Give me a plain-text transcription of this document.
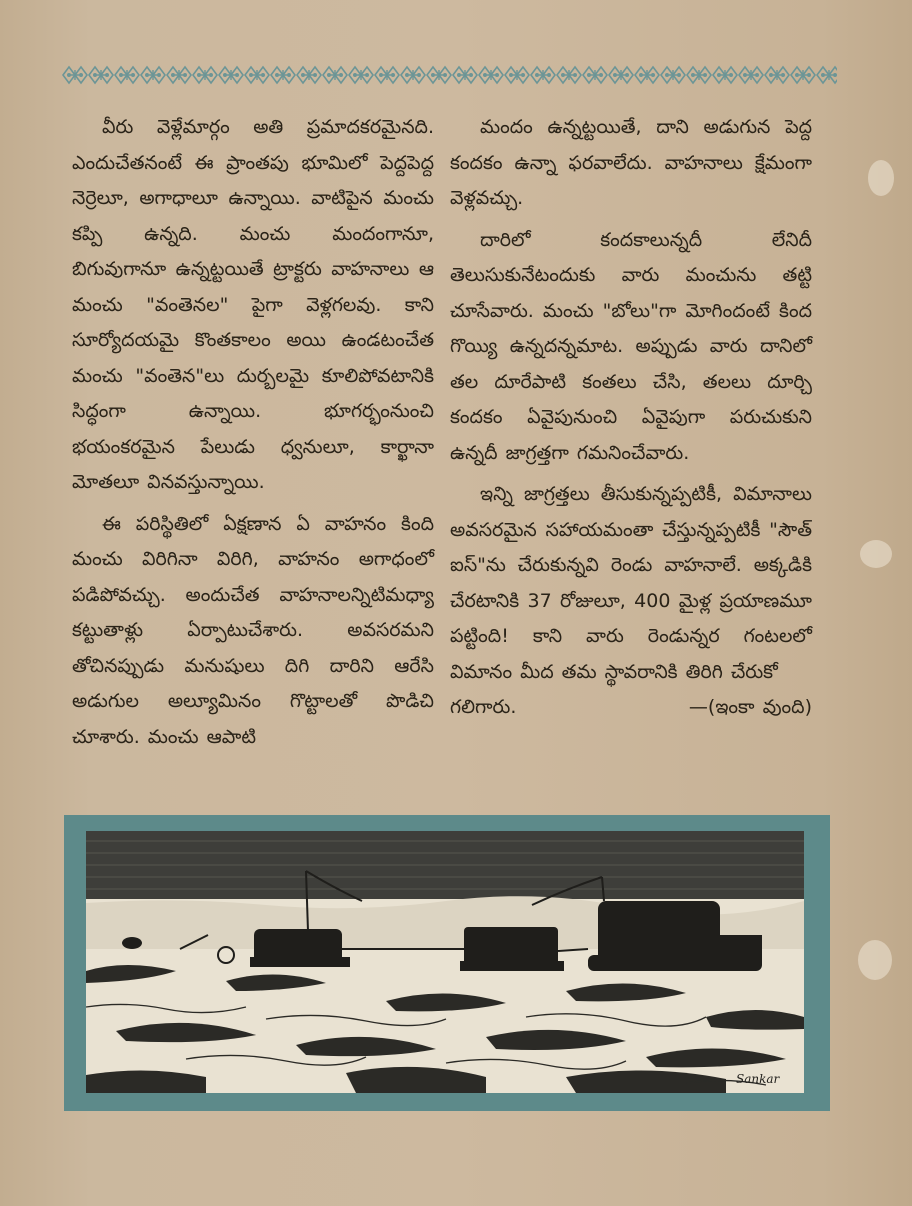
వీరు వెళ్లేమార్గం అతి ప్రమాదకరమైనది. ఎందుచేతనంటే ఈ ప్రాంతపు భూమిలో పెద్దపెద్ద నెర్రెలూ, అగాధాలూ ఉన్నాయి. వాటిపైన మంచు కప్పి ఉన్నది. మంచు మందంగానూ, బిగువుగానూ ఉన్నట్టయితే ట్రాక్టరు వాహనాలు ఆ మంచు "వంతెనల" పైగా వెళ్లగలవు. కాని సూర్యోదయమై కొంతకాలం అయి ఉండటంచేత మంచు "వంతెన"లు దుర్బలమై కూలిపోవటానికి సిద్ధంగా ఉన్నాయి. భూగర్భంనుంచి భయంకరమైన పేలుడు ధ్వనులూ, కార్ఖానా మోతలూ వినవస్తున్నాయి.

ఈ పరిస్థితిలో ఏక్షణాన ఏ వాహనం కింది మంచు విరిగినా విరిగి, వాహనం అగాధంలో పడిపోవచ్చు. అందుచేత వాహనాలన్నిటిమధ్యా కట్టుతాళ్లు ఏర్పాటుచేశారు. అవసరమని తోచినప్పుడు మనుషులు దిగి దారిని ఆరేసి అడుగుల అల్యూమినం గొట్టాలతో పొడిచి చూశారు. మంచు ఆపాటి

మందం ఉన్నట్టయితే, దాని అడుగున పెద్ద కందకం ఉన్నా ఫరవాలేదు. వాహనాలు క్షేమంగా వెళ్లవచ్చు.

దారిలో కందకాలున్నదీ లేనిదీ తెలుసుకునేటందుకు వారు మంచును తట్టి చూసేవారు. మంచు "బోలు"గా మోగిందంటే కింద గొయ్యి ఉన్నదన్నమాట. అప్పుడు వారు దానిలో తల దూరేపాటి కంతలు చేసి, తలలు దూర్చి కందకం ఏవైపునుంచి ఏవైపుగా పరుచుకుని ఉన్నదీ జాగ్రత్తగా గమనించేవారు.

ఇన్ని జాగ్రత్తలు తీసుకున్నప్పటికీ, విమానాలు అవసరమైన సహాయమంతా చేస్తున్నప్పటికీ "సౌత్ ఐస్"ను చేరుకున్నవి రెండు వాహనాలే. అక్కడికి చేరటానికి 37 రోజులూ, 400 మైళ్ల ప్రయాణమూ పట్టింది! కాని వారు రెండున్నర గంటలలో విమానం మీద తమ స్థావరానికి తిరిగి చేరుకో

గలిగారు.	—(ఇంకా వుంది)
Sankar
